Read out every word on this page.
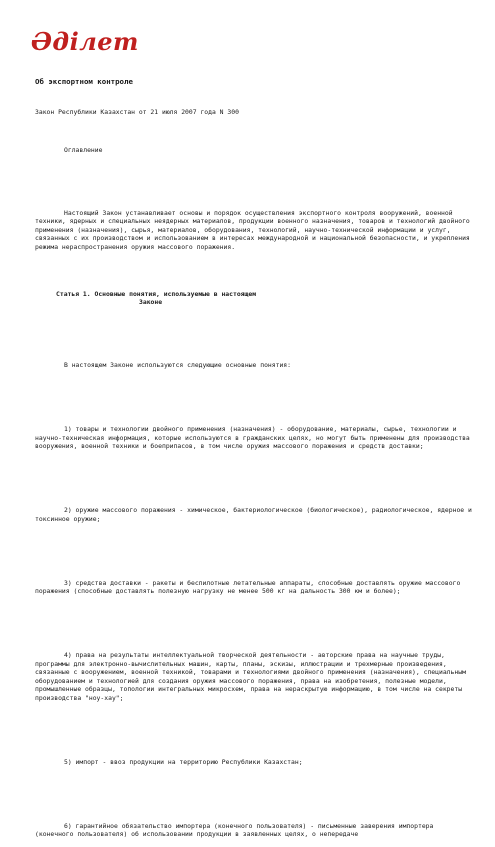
Әділет

Об экспортном контроле

Закон Республики Казахстан от 21 июля 2007 года N 300

Оглавление

Настоящий Закон устанавливает основы и порядок осуществления экспортного контроля вооружений, военной техники, ядерных и специальных неядерных материалов, продукции военного назначения, товаров и технологий двойного применения (назначения), сырья, материалов, оборудования, технологий, научно-технической информации и услуг, связанных с их производством и использованием в интересах международной и национальной безопасности, и укрепления режима нераспространения оружия массового поражения.

Статья 1. Основные понятия, используемые в настоящем
Законе

В настоящем Законе используются следующие основные понятия:

1) товары и технологии двойного применения (назначения) - оборудование, материалы, сырье, технологии и научно-техническая информация, которые используются в гражданских целях, но могут быть применены для производства вооружения, военной техники и боеприпасов, в том числе оружия массового поражения и средств доставки;

2) оружие массового поражения - химическое, бактериологическое (биологическое), радиологическое, ядерное и токсинное оружие;

3) средства доставки - ракеты и беспилотные летательные аппараты, способные доставлять оружие массового поражения (способные доставлять полезную нагрузку не менее 500 кг на дальность 300 км и более);

4) права на результаты интеллектуальной творческой деятельности - авторские права на научные труды, программы для электронно-вычислительных машин, карты, планы, эскизы, иллюстрации и трехмерные произведения, связанные с вооружением, военной техникой, товарами и технологиями двойного применения (назначения), специальным оборудованием и технологией для создания оружия массового поражения, права на изобретения, полезные модели, промышленные образцы, топологии интегральных микросхем, права на нераскрытую информацию, в том числе на секреты производства "ноу-хау";

5) импорт - ввоз продукции на территорию Республики Казахстан;

6) гарантийное обязательство импортера (конечного пользователя) - письменные заверения импортера (конечного пользователя) об использовании продукции в заявленных целях, о непередаче
